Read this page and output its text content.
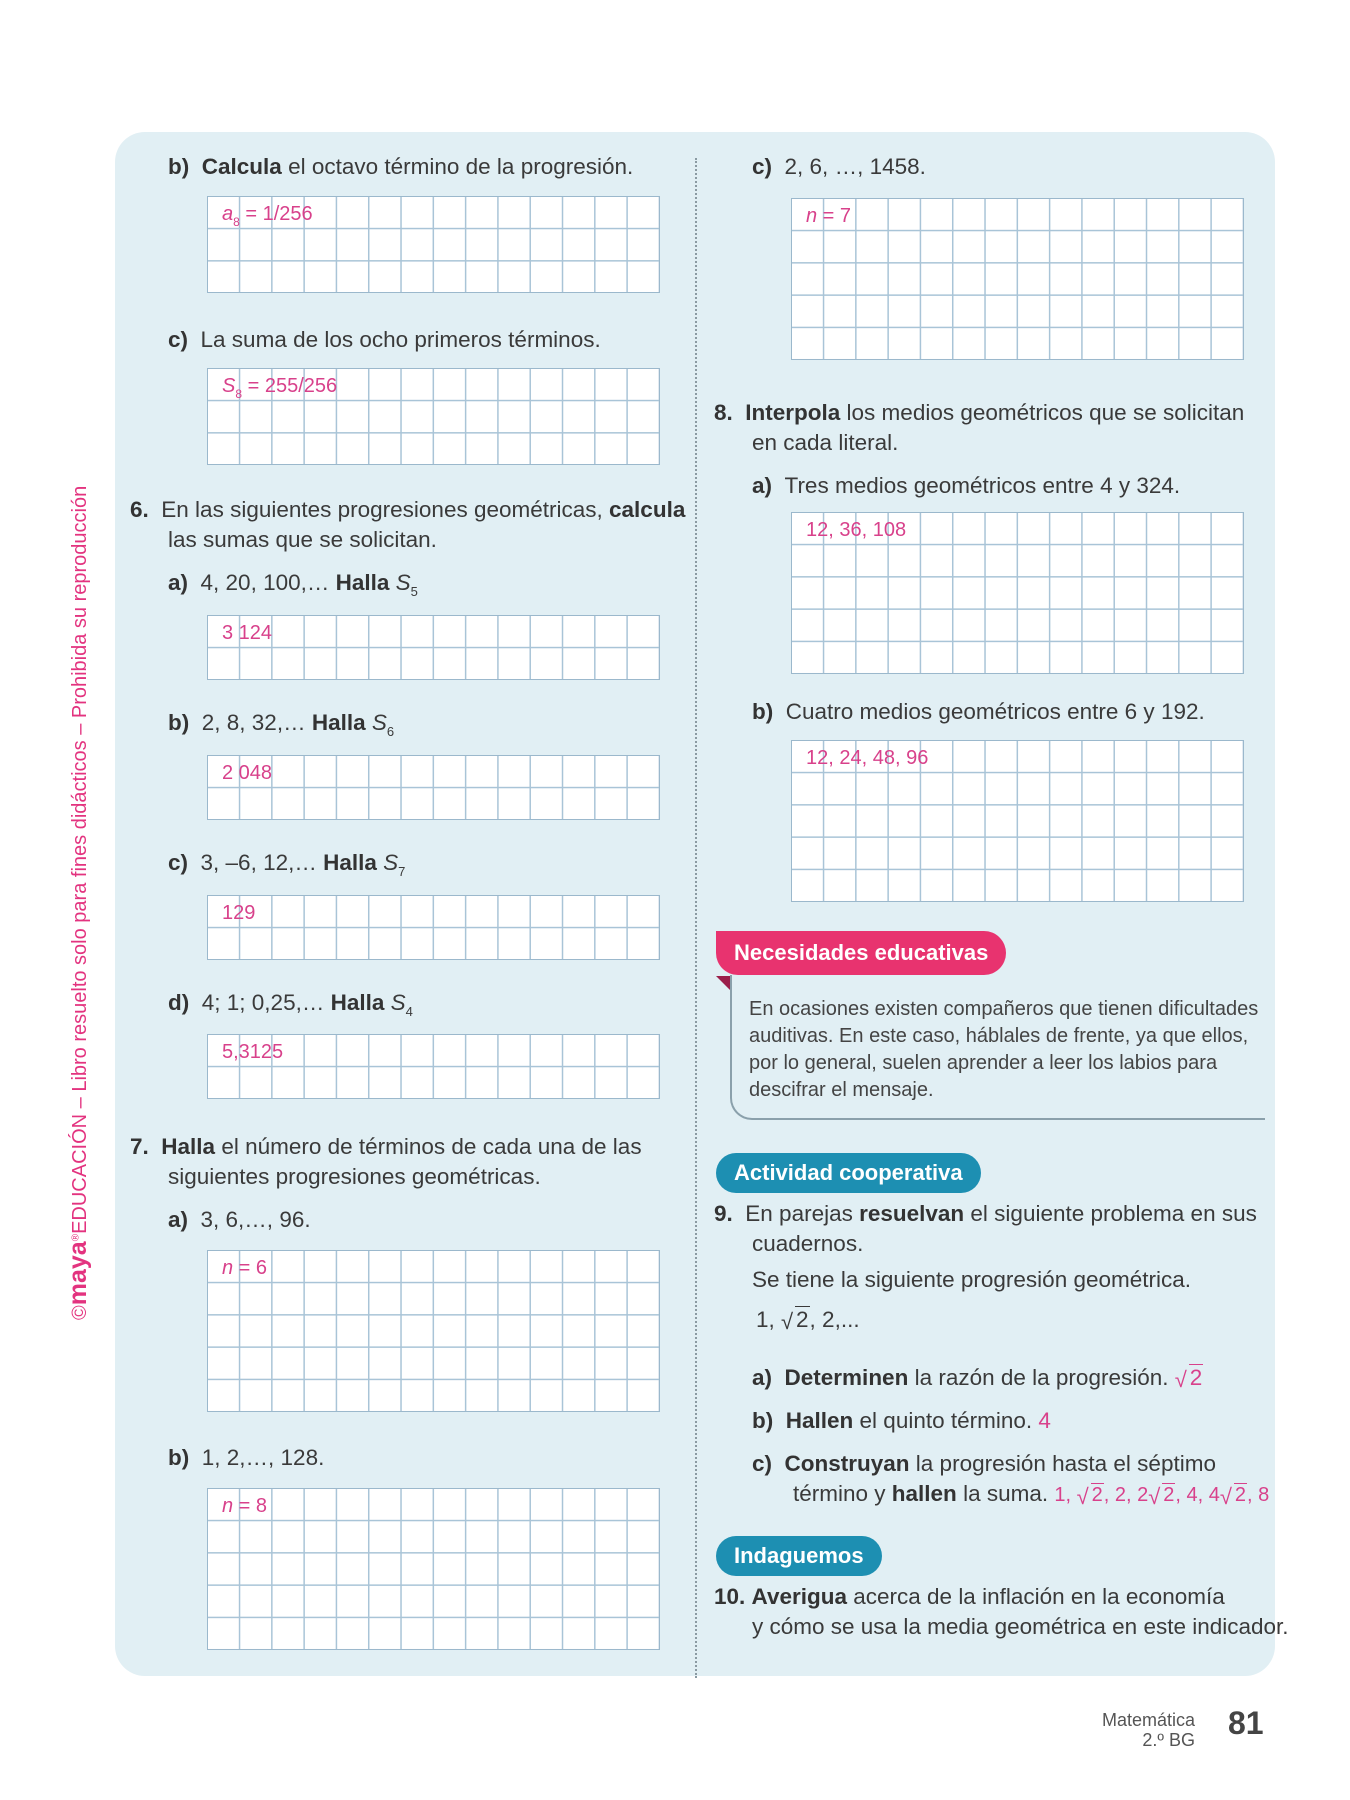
©maya®EDUCACIÓN – Libro resuelto solo para fines didácticos – Prohibida su reproducción
b) Calcula el octavo término de la progresión.
$a_8 = 1/256$
c) La suma de los ocho primeros términos.
$S_8 = 255/256$
6. En las siguientes progresiones geométricas, calcula
las sumas que se solicitan.
a) 4, 20, 100,… Halla $S_5$
3 124
b) 2, 8, 32,… Halla $S_6$
2 048
c) 3, –6, 12,… Halla $S_7$
129
d) 4; 1; 0,25,… Halla $S_4$
5,3125
7. Halla el número de términos de cada una de las
siguientes progresiones geométricas.
a) 3, 6,…, 96.
n = 6
b) 1, 2,…, 128.
n = 8
c) 2, 6, …, 1458.
n = 7
8. Interpola los medios geométricos que se solicitan
en cada literal.
a) Tres medios geométricos entre 4 y 324.
12, 36, 108
b) Cuatro medios geométricos entre 6 y 192.
12, 24, 48, 96
Necesidades educativas
En ocasiones existen compañeros que tienen dificultades auditivas. En este caso, háblales de frente, ya que ellos, por lo general, suelen aprender a leer los labios para descifrar el mensaje.
Actividad cooperativa
9. En parejas resuelvan el siguiente problema en sus
cuadernos.
Se tiene la siguiente progresión geométrica.
1, √ 2, 2,...
a) Determinen la razón de la progresión. √ 2
b) Hallen el quinto término. 4
c) Construyan la progresión hasta el séptimo
término y hallen la suma. 1, √ 2, 2, 2 √ 2, 4, 4 √ 2, 8
Indaguemos
10. Averigua acerca de la inflación en la economía
y cómo se usa la media geométrica en este indicador.
Matemática
2.º BG 81
